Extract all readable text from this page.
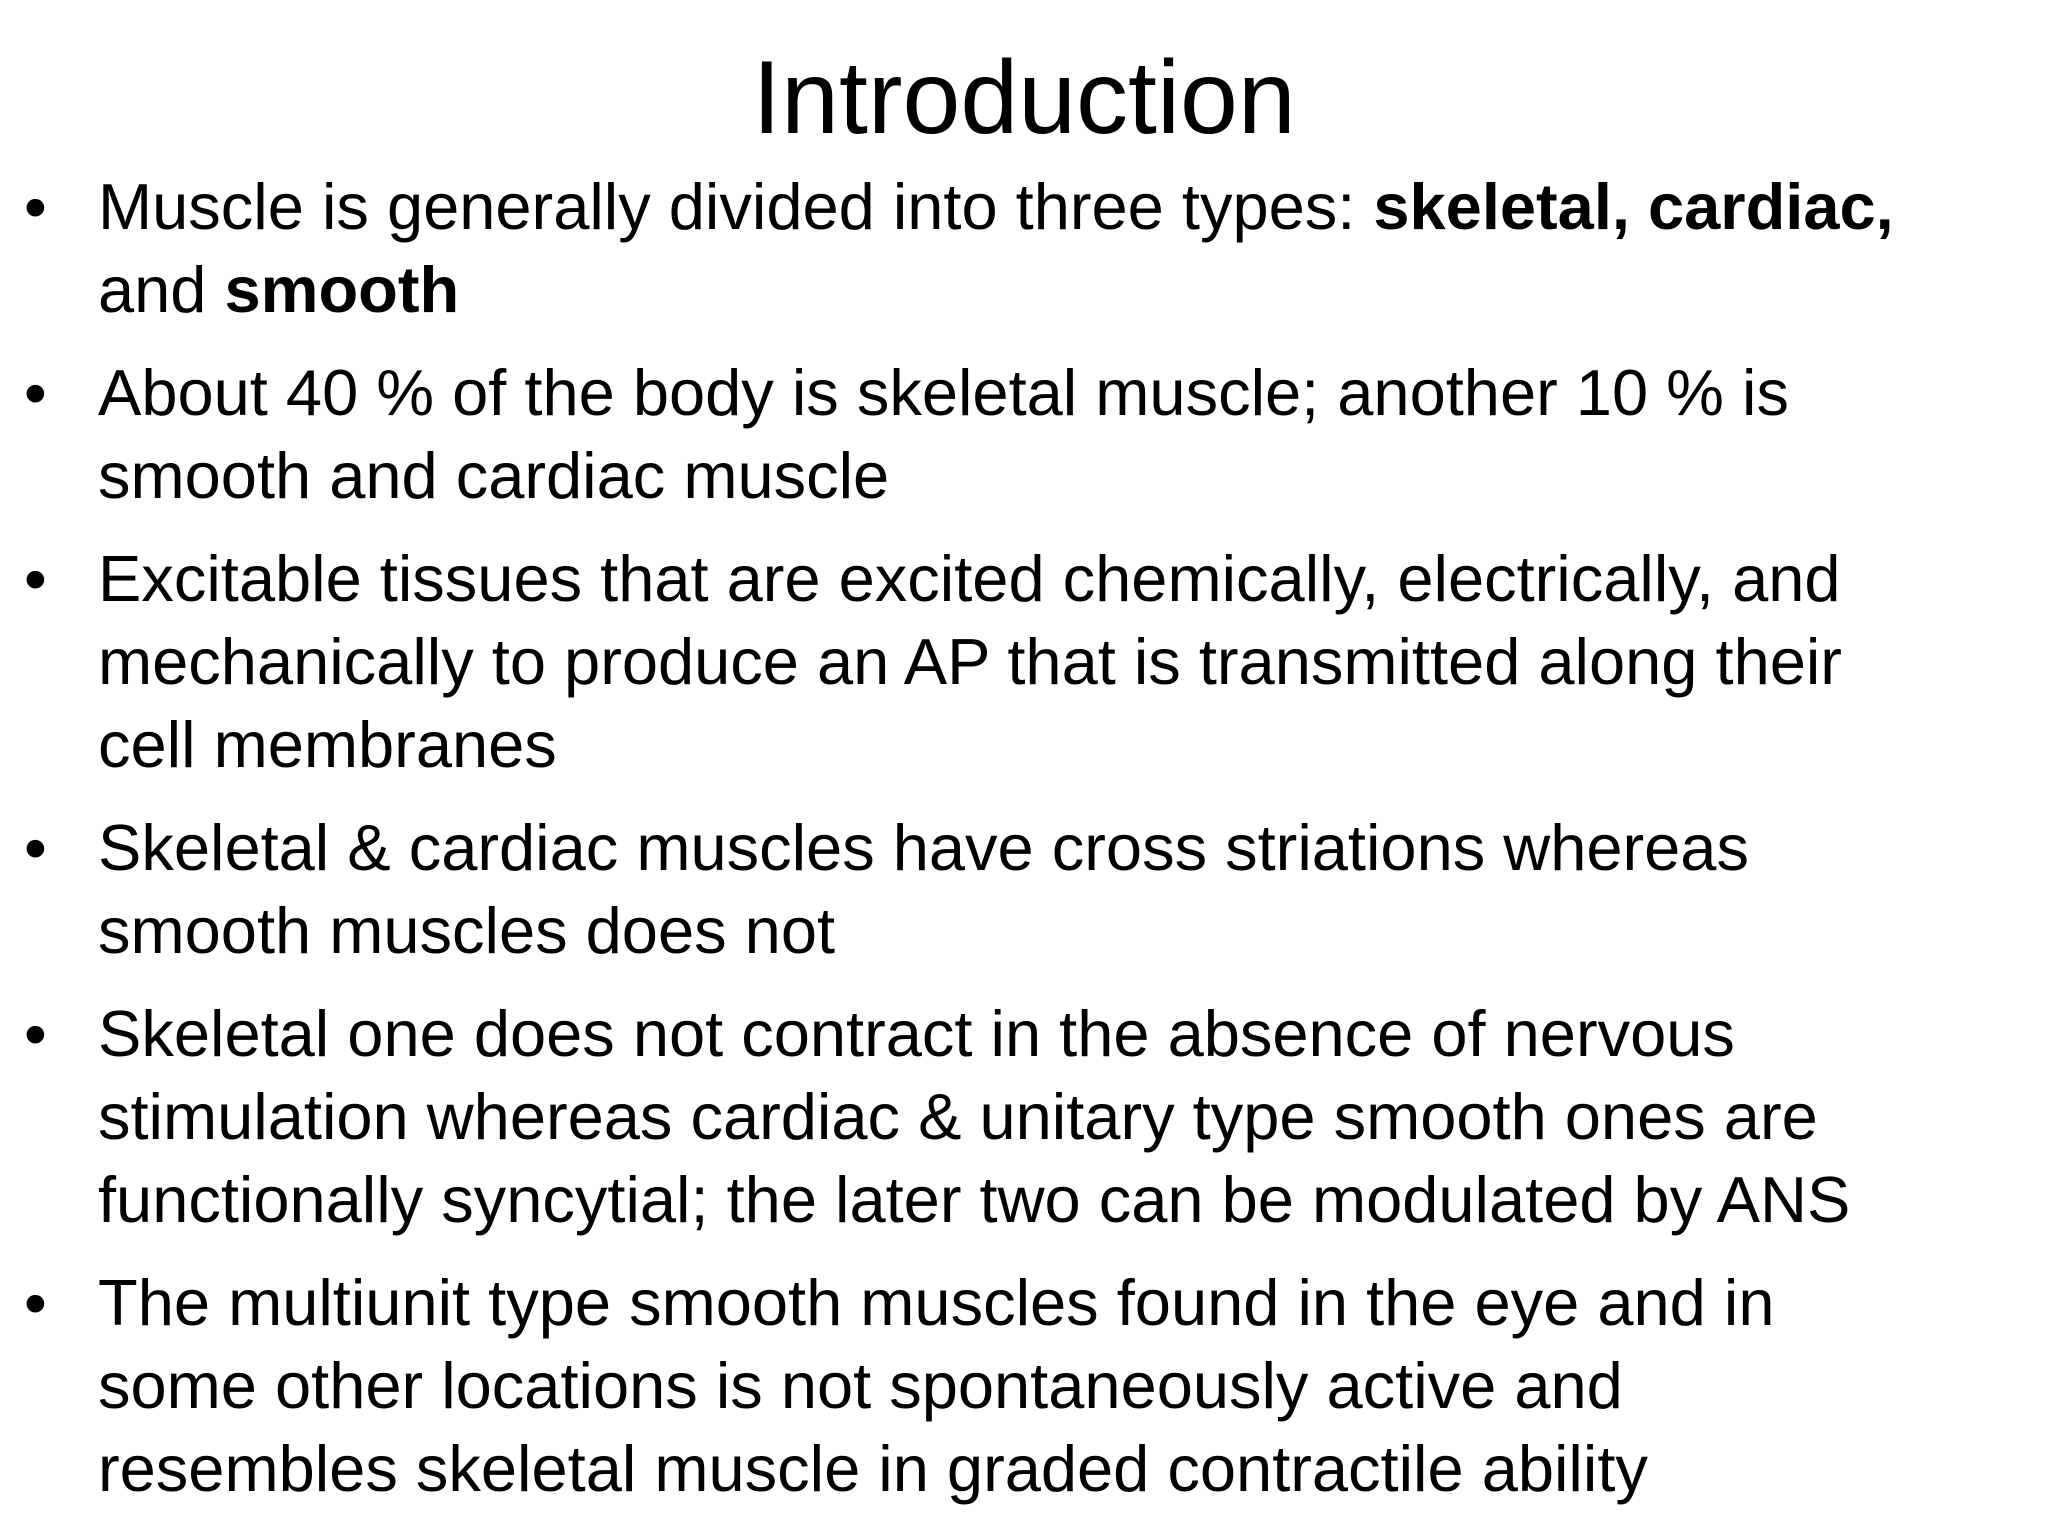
Introduction
• Muscle is generally divided into three types: skeletal, cardiac,
and smooth
• About 40 % of the body is skeletal muscle; another 10 % is
smooth and cardiac muscle
• Excitable tissues that are excited chemically, electrically, and
mechanically to produce an AP that is transmitted along their
cell membranes
• Skeletal & cardiac muscles have cross striations whereas
smooth muscles does not
• Skeletal one does not contract in the absence of nervous
stimulation whereas cardiac & unitary type smooth ones are
functionally syncytial; the later two can be modulated by ANS
• The multiunit type smooth muscles found in the eye and in
some other locations is not spontaneously active and
resembles skeletal muscle in graded contractile ability
